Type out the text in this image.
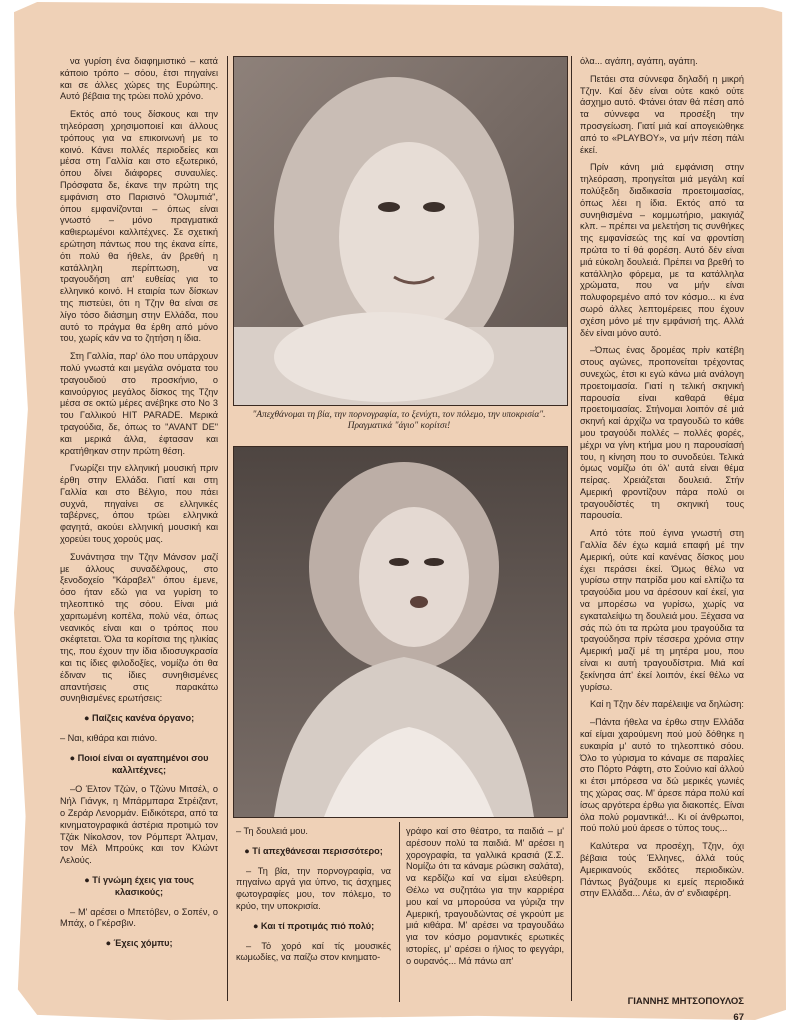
να γυρίση ένα διαφημιστικό – κατά κάποιο τρόπο – σόου, έτσι πηγαίνει και σε άλλες χώρες της Ευρώπης. Αυτό βέβαια της τρώει πολύ χρόνο.

Εκτός από τους δίσκους και την τηλεόραση χρησιμοποιεί και άλλους τρόπους για να επικοινωνή με το κοινό. Κάνει πολλές περιοδείες και μέσα στη Γαλλία και στο εξωτερικό, όπου δίνει διάφορες συναυλίες. Πρόσφατα δε, έκανε την πρώτη της εμφάνιση στο Παρισινό "Ολυμπιά", όπου εμφανίζονται – όπως είναι γνωστό – μόνο πραγματικά καθιερωμένοι καλλιτέχνες. Σε σχετική ερώτηση πάντως που της έκανα είπε, ότι πολύ θα ήθελε, άν βρεθή η κατάλληλη περίπτωση, να τραγουδήση απ' ευθείας για το ελληνικό κοινό. Η εταιρία των δίσκων της πιστεύει, ότι η Τζην θα είναι σε λίγο τόσο διάσημη στην Ελλάδα, που αυτό το πράγμα θα έρθη από μόνο του, χωρίς κάν να το ζητήση η ίδια.

Στη Γαλλία, παρ' όλο που υπάρχουν πολύ γνωστά και μεγάλα ονόματα του τραγουδιού στο προσκήνιο, ο καινούργιος μεγάλος δίσκος της Τζην μέσα σε οκτώ μέρες ανέβηκε στο Νο 3 του Γαλλικού HIT PARADE. Μερικά τραγούδια, δε, όπως το "AVANT DE" και μερικά άλλα, έφτασαν και κρατήθηκαν στην πρώτη θέση.

Γνωρίζει την ελληνική μουσική πριν έρθη στην Ελλάδα. Γιατί και στη Γαλλία και στο Βέλγιο, που πάει συχνά, πηγαίνει σε ελληνικές ταβέρνες, όπου τρώει ελληνικά φαγητά, ακούει ελληνική μουσική και χορεύει τους χορούς μας.

Συνάντησα την Τζην Μάνσον μαζί με άλλους συναδέλφους, στο ξενοδοχείο "Κάραβελ" όπου έμενε, όσο ήταν εδώ για να γυρίση το τηλεοπτικό της σόου. Είναι μιά χαριτωμένη κοπέλα, πολύ νέα, όπως νεανικός είναι και ο τρόπος που σκέφτεται. Όλα τα κορίτσια της ηλικίας της, που έχουν την ίδια ιδιοσυγκρασία και τις ίδιες φιλοδοξίες, νομίζω ότι θα έδιναν τις ίδιες συνηθισμένες απαντήσεις στις παρακάτω συνηθισμένες ερωτήσεις:

● Παίζεις κανένα όργανο;

– Ναι, κιθάρα και πιάνο.

● Ποιοί είναι οι αγαπημένοι σου καλλιτέχνες;

–Ο Έλτον Τζών, ο Τζώνυ Μιτσέλ, ο Νήλ Γιάνγκ, η Μπάρμπαρα Στρέιζαντ, ο Ζεράρ Λενορμάν. Ειδικότερα, από τα κινηματογραφικά άστέρια προτιμώ τον Τζάκ Νίκολσον, τον Ρόμπερτ Άλτμαν, τον Μέλ Μπρούκς και τον Κλώντ Λελούς.

● Τί γνώμη έχεις για τους κλασικούς;

– Μ' αρέσει ο Μπετόβεν, ο Σοπέν, ο Μπάχ, ο Γκέρσβιν.

● Έχεις χόμπυ;

– Τη δουλειά μου.

● Τί απεχθάνεσαι περισσότερο;

– Τη βία, την πορνογραφία, να πηγαίνω αργά για ύπνο, τις άσχημες φωτογραφίες μου, τον πόλεμο, το κρύο, την υποκρισία.

● Και τί προτιμάς πιό πολύ;

– Τό χορό καί τίς μουσικές κωμωδίες, να παίζω στον κινηματο-

γράφο καί στο θέατρο, τα παιδιά – μ' αρέσουν πολύ τα παιδιά. Μ' αρέσει η χορογραφία, τα γαλλικά κρασιά (Σ.Σ. Νομίζω ότι τα κάναμε ρώσικη σαλάτα), να κερδίζω καί να είμαι ελεύθερη. Θέλω να συζητάω για την καρριέρα μου καί να μπορούσα να γύριζα την Αμερική, τραγουδώντας σέ γκρούπ με μιά κιθάρα. Μ' αρέσει να τραγουδάω για τον κόσμο ρομαντικές ερωτικές ιστορίες, μ' αρέσει ο ήλιος το φεγγάρι, ο ουρανός... Μά πάνω απ'

όλα... αγάπη, αγάπη, αγάπη.

Πετάει στα σύννεφα δηλαδή η μικρή Τζην. Καί δέν είναι ούτε κακό ούτε άσχημο αυτό. Φτάνει όταν θά πέση από τα σύννεφα να προσέξη την προσγείωση. Γιατί μιά καί απογειώθηκε από το «PLAYBOY», να μήν πέση πάλι έκεί.

Πρίν κάνη μιά εμφάνιση στην τηλεόραση, προηγείται μιά μεγάλη καί πολύξεδη διαδικασία προετοιμασίας, όπως λέει η ίδια. Εκτός από τα συνηθισμένα – κομμωτήριο, μακιγιάζ κλπ. – πρέπει να μελετήση τις συνθήκες της εμφανίσεώς της καί να φροντίση πρώτα το τί θά φορέση. Αυτό δέν είναι μιά εύκολη δουλειά. Πρέπει να βρεθή το κατάλληλο φόρεμα, με τα κατάλληλα χρώματα, που να μήν είναι πολυφορεμένο από τον κόσμο... κι ένα σωρό άλλες λεπτομέρειες που έχουν σχέση μόνο μέ την εμφάνισή της. Αλλά δέν είναι μόνο αυτό.

–Όπως ένας δρομέας πρίν κατέβη στους αγώνες, προπονείται τρέχοντας συνεχώς, έτσι κι εγώ κάνω μιά ανάλογη προετοιμασία. Γιατί η τελική σκηνική παρουσία είναι καθαρά θέμα προετοιμασίας. Στήνομαι λοιπόν σέ μιά σκηνή καί άρχίζω να τραγουδώ το κάθε μου τραγούδι πολλές – πολλές φορές, μέχρι να γίνη κτήμα μου η παρουσίασή του, η κίνηση που το συνοδεύει. Τελικά όμως νομίζω ότι όλ' αυτά είναι θέμα πείρας. Χρειάζεται δουλειά. Στήν Αμερική φροντίζουν πάρα πολύ οι τραγουδίστές τη σκηνική τους παρουσία.

Από τότε πού έγινα γνωστή στη Γαλλία δέν έχω καμιά επαφή μέ την Αμερική, ούτε καί κανένας δίσκος μου έχει περάσει έκεί. Όμως θέλω να γυρίσω στην πατρίδα μου καί ελπίζω τα τραγούδια μου να άρέσουν καί έκεί, για να μπορέσω να γυρίσω, χωρίς να εγκαταλείψω τη δουλειά μου. Ξέχασα να σάς πώ ότι τα πρώτα μου τραγούδια τα τραγούδησα πρίν τέσσερα χρόνια στην Αμερική μαζί μέ τη μητέρα μου, που είναι κι αυτή τραγουδίστρια. Μιά καί ξεκίνησα άπ' έκεί λοιπόν, έκεί θέλω να γυρίσω.

Καί η Τζην δέν παρέλειψε να δηλώση:

–Πάντα ήθελα να έρθω στην Ελλάδα καί είμαι χαρούμενη πού μού δόθηκε η ευκαιρία μ' αυτό το τηλεοπτικό σόου. Όλο το γύρισμα το κάναμε σε παραλίες στο Πόρτο Ράφτη, στο Σούνιο καί άλλού κι έτσι μπόρεσα να δώ μερικές γωνιές της χώρας σας. Μ' άρεσε πάρα πολύ καί ίσως αργότερα έρθω για διακοπές. Είναι όλα πολύ ρομαντικά!... Κι οί άνθρωποι, πού πολύ μού άρεσε ο τύπος τους...

Καλύτερα να προσέχη, Τζην, όχι βέβαια τούς Έλληνες, άλλά τούς Αμερικανούς εκδότες περιοδικών. Πάντως βγάζουμε κι εμείς περιοδικά στην Ελλάδα... Λέω, άν σ' ενδιαφέρη.

"Απεχθάνομαι τη βία, την πορνογραφία, το ξενύχτι, τον πόλεμο, την υποκρισία". Πραγματικά "άγιο" κορίτσι!
ΓΙΑΝΝΗΣ ΜΗΤΣΟΠΟΥΛΟΣ
67
